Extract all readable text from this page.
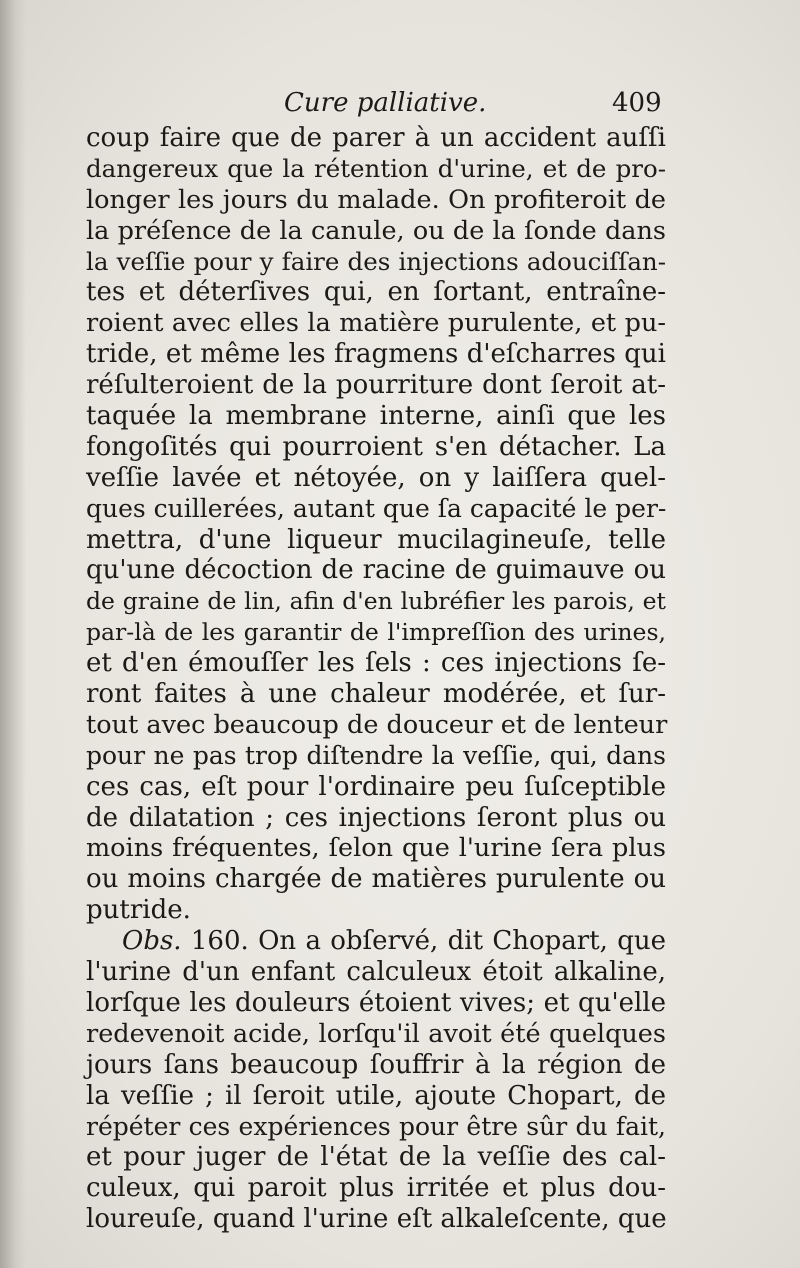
Cure palliative.	409
coup faire que de parer à un accident auſſi
dangereux que la rétention d'urine, et de pro-
longer les jours du malade. On profiteroit de
la préſence de la canule, ou de la ſonde dans
la veſſie pour y faire des injections adouciſſan-
tes et déterſives qui, en ſortant, entraîne-
roient avec elles la matière purulente, et pu-
tride, et même les fragmens d'eſcharres qui
réſulteroient de la pourriture dont ſeroit at-
taquée la membrane interne, ainſi que les
fongoſités qui pourroient s'en détacher. La
veſſie lavée et nétoyée, on y laiſſera quel-
ques cuillerées, autant que ſa capacité le per-
mettra, d'une liqueur mucilagineuſe, telle
qu'une décoction de racine de guimauve ou
de graine de lin, afin d'en lubréfier les parois, et
par-là de les garantir de l'impreſſion des urines,
et d'en émouſſer les ſels : ces injections ſe-
ront faites à une chaleur modérée, et ſur-
tout avec beaucoup de douceur et de lenteur
pour ne pas trop diſtendre la veſſie, qui, dans
ces cas, eſt pour l'ordinaire peu ſuſceptible
de dilatation ; ces injections ſeront plus ou
moins fréquentes, ſelon que l'urine ſera plus
ou moins chargée de matières purulente ou
putride.
Obs. 160. On a obſervé, dit Chopart, que
l'urine d'un enfant calculeux étoit alkaline,
lorſque les douleurs étoient vives; et qu'elle
redevenoit acide, lorſqu'il avoit été quelques
jours ſans beaucoup ſouffrir à la région de
la veſſie ; il ſeroit utile, ajoute Chopart, de
répéter ces expériences pour être sûr du fait,
et pour juger de l'état de la veſſie des cal-
culeux, qui paroit plus irritée et plus dou-
loureuſe, quand l'urine eſt alkaleſcente, que
